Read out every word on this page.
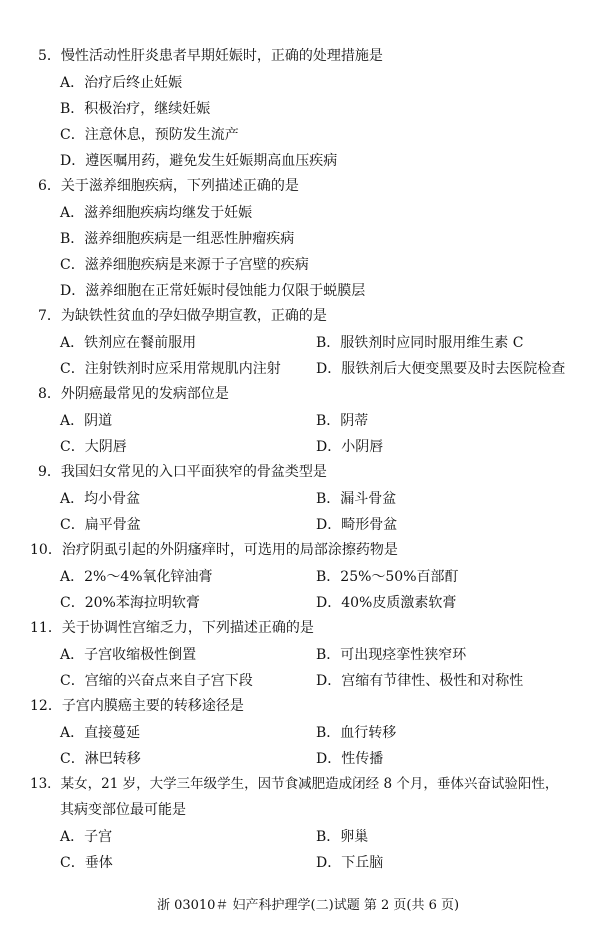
5．慢性活动性肝炎患者早期妊娠时，正确的处理措施是
A．治疗后终止妊娠
B．积极治疗，继续妊娠
C．注意休息，预防发生流产
D．遵医嘱用药，避免发生妊娠期高血压疾病
6．关于滋养细胞疾病，下列描述正确的是
A．滋养细胞疾病均继发于妊娠
B．滋养细胞疾病是一组恶性肿瘤疾病
C．滋养细胞疾病是来源于子宫壁的疾病
D．滋养细胞在正常妊娠时侵蚀能力仅限于蜕膜层
7．为缺铁性贫血的孕妇做孕期宣教，正确的是
A．铁剂应在餐前服用	B．服铁剂时应同时服用维生素 C
C．注射铁剂时应采用常规肌内注射	D．服铁剂后大便变黑要及时去医院检查
8．外阴癌最常见的发病部位是
A．阴道	B．阴蒂
C．大阴唇	D．小阴唇
9．我国妇女常见的入口平面狭窄的骨盆类型是
A．均小骨盆	B．漏斗骨盆
C．扁平骨盆	D．畸形骨盆
10．治疗阴虱引起的外阴瘙痒时，可选用的局部涂擦药物是
A．2%～4%氧化锌油膏	B．25%～50%百部酊
C．20%苯海拉明软膏	D．40%皮质激素软膏
11．关于协调性宫缩乏力，下列描述正确的是
A．子宫收缩极性倒置	B．可出现痉挛性狭窄环
C．宫缩的兴奋点来自子宫下段	D．宫缩有节律性、极性和对称性
12．子宫内膜癌主要的转移途径是
A．直接蔓延	B．血行转移
C．淋巴转移	D．性传播
13．某女，21 岁，大学三年级学生，因节食减肥造成闭经 8 个月，垂体兴奋试验阳性，
其病变部位最可能是
A．子宫	B．卵巢
C．垂体	D．下丘脑
浙 03010＃ 妇产科护理学(二)试题 第 2 页(共 6 页)
